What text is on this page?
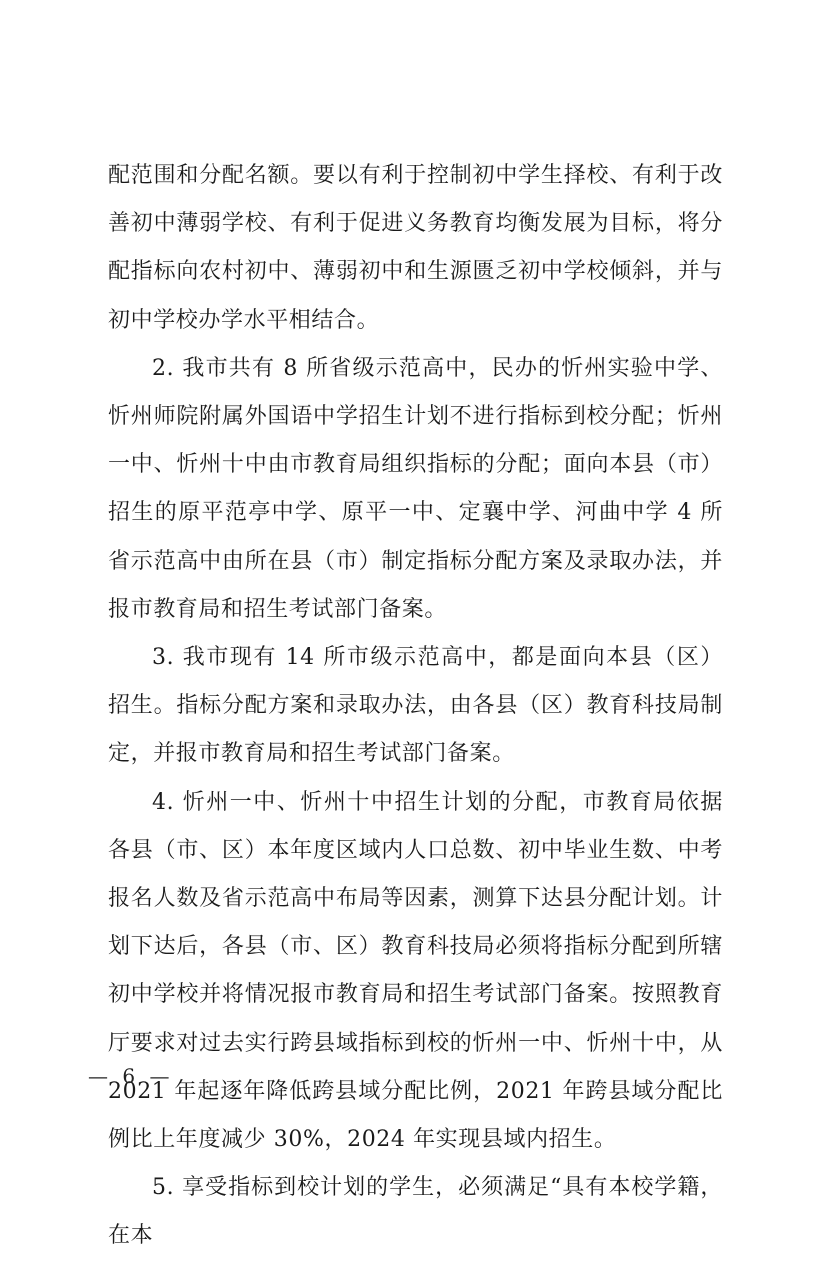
配范围和分配名额。要以有利于控制初中学生择校、有利于改善初中薄弱学校、有利于促进义务教育均衡发展为目标，将分配指标向农村初中、薄弱初中和生源匮乏初中学校倾斜，并与初中学校办学水平相结合。

2. 我市共有 8 所省级示范高中，民办的忻州实验中学、忻州师院附属外国语中学招生计划不进行指标到校分配；忻州一中、忻州十中由市教育局组织指标的分配；面向本县（市）招生的原平范亭中学、原平一中、定襄中学、河曲中学 4 所省示范高中由所在县（市）制定指标分配方案及录取办法，并报市教育局和招生考试部门备案。

3. 我市现有 14 所市级示范高中，都是面向本县（区）招生。指标分配方案和录取办法，由各县（区）教育科技局制定，并报市教育局和招生考试部门备案。

4. 忻州一中、忻州十中招生计划的分配，市教育局依据各县（市、区）本年度区域内人口总数、初中毕业生数、中考报名人数及省示范高中布局等因素，测算下达县分配计划。计划下达后，各县（市、区）教育科技局必须将指标分配到所辖初中学校并将情况报市教育局和招生考试部门备案。按照教育厅要求对过去实行跨县域指标到校的忻州一中、忻州十中，从 2021 年起逐年降低跨县域分配比例，2021 年跨县域分配比例比上年度减少 30%，2024 年实现县域内招生。

5. 享受指标到校计划的学生，必须满足“具有本校学籍，在本

— 6 —
